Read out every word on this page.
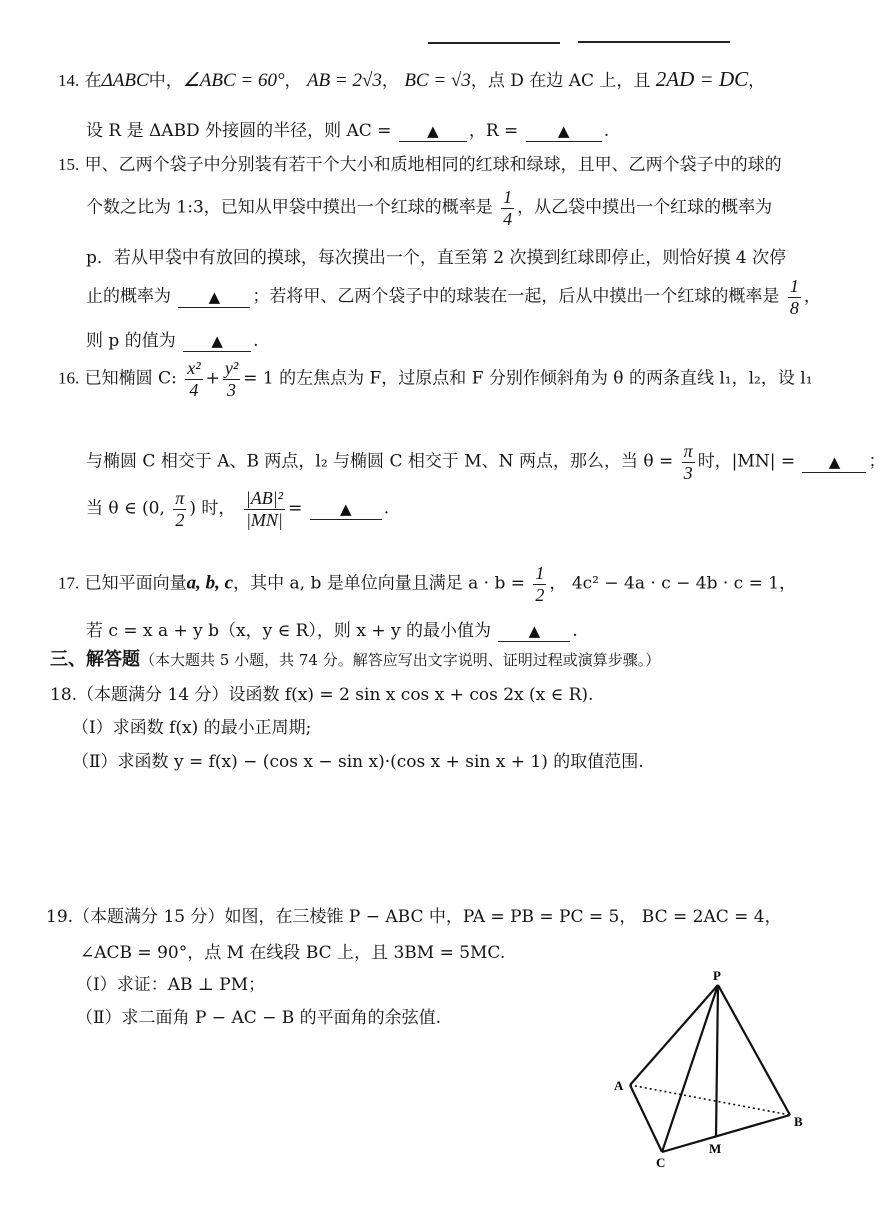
14. 在ΔABC中，∠ABC = 60°， AB = 2√3， BC = √3，点 D 在边 AC 上，且 2AD = DC，
设 R 是 ΔABD 外接圆的半径，则 AC = ▲ ，R =	▲ .
15. 甲、乙两个袋子中分别装有若干个大小和质地相同的红球和绿球，且甲、乙两个袋子中的球的
个数之比为 1:3，已知从甲袋中摸出一个红球的概率是 $\frac{1}{4}$ ，从乙袋中摸出一个红球的概率为
p．若从甲袋中有放回的摸球，每次摸出一个，直至第 2 次摸到红球即停止，则恰好摸 4 次停
止的概率为	▲ ；若将甲、乙两个袋子中的球装在一起，后从中摸出一个红球的概率是 $\frac{1}{8}$ ，
则 p 的值为 ▲ .
16. 已知椭圆 C: $\frac{\text{x²}}{4} + \frac{\text{y²}}{3} = 1$ 的左焦点为 F，过原点和 F 分别作倾斜角为 θ 的两条直线 l₁，l₂，设 l₁
与椭圆 C 相交于 A、B 两点，l₂ 与椭圆 C 相交于 M、N 两点，那么，当 $\theta = \frac{\pi}{3}$ 时，|MN| = ▲ ；
当 θ ∈ (0, $\frac{\pi}{2}$ ) 时， $\frac{\text{|AB|²}}{|MN|}$ =	▲ .
17. 已知平面向量a, b, c，其中 a, b 是单位向量且满足 $a \cdot b = \frac{1}{2}$ ， 4c² − 4a · c − 4b · c = 1，
若 c = x a + y b（x，y ∈ R），则 x + y 的最小值为	▲ .
三、解答题（本大题共 5 小题，共 74 分。解答应写出文字说明、证明过程或演算步骤。）
18.（本题满分 14 分）设函数 f(x) = 2 sin x cos x + cos 2x (x ∈ R).
（Ⅰ）求函数 f(x) 的最小正周期;
（Ⅱ）求函数 y = f(x) − (cos x − sin x)·(cos x + sin x + 1) 的取值范围.
19.（本题满分 15 分）如图，在三棱锥 P − ABC 中，PA = PB = PC = 5， BC = 2AC = 4，
∠ACB = 90°，点 M 在线段 BC 上，且 3BM = 5MC.
（Ⅰ）求证：AB ⊥ PM；
（Ⅱ）求二面角 P − AC − B 的平面角的余弦值.
P
A
B
C
M
